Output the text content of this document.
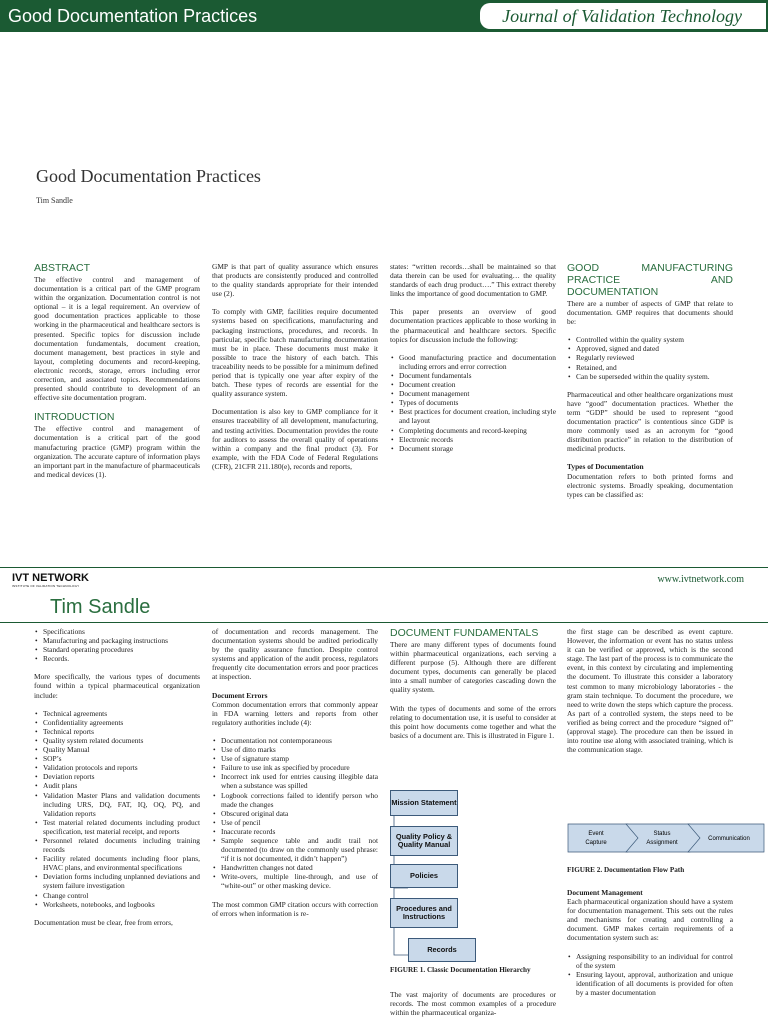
Good Documentation Practices	Journal of Validation Technology
Good Documentation Practices
Tim Sandle
ABSTRACT

The effective control and management of documentation is a critical part of the GMP program within the organization. Documentation control is not optional – it is a legal requirement. An overview of good documentation practices applicable to those working in the pharmaceutical and healthcare sectors is presented. Specific topics for discussion include documentation fundamentals, document creation, document management, best practices in style and layout, completing documents and record-keeping, electronic records, storage, errors including error correction, and associated topics. Recommendations presented should contribute to development of an effective site documentation program.

INTRODUCTION

The effective control and management of documentation is a critical part of the good manufacturing practice (GMP) program within the organization. The accurate capture of information plays an important part in the manufacture of pharmaceuticals and medical devices (1).

GMP is that part of quality assurance which ensures that products are consistently produced and controlled to the quality standards appropriate for their intended use (2).

To comply with GMP, facilities require documented systems based on specifications, manufacturing and packaging instructions, procedures, and records. In particular, specific batch manufacturing documentation must be in place. These documents must make it possible to trace the history of each batch. This traceability needs to be possible for a minimum defined period that is typically one year after expiry of the batch. These types of records are essential for the quality assurance system.

Documentation is also key to GMP compliance for it ensures traceability of all development, manufacturing, and testing activities. Documentation provides the route for auditors to assess the overall quality of operations within a company and the final product (3). For example, with the FDA Code of Federal Regulations (CFR), 21CFR 211.180(e), records and reports,

states: “written records…shall be maintained so that data therein can be used for evaluating… the quality standards of each drug product….” This extract thereby links the importance of good documentation to GMP.

This paper presents an overview of good documentation practices applicable to those working in the pharmaceutical and healthcare sectors. Specific topics for discussion include the following:

• Good manufacturing practice and documentation including errors and error correction
• Document fundamentals
• Document creation
• Document management
• Types of documents
• Best practices for document creation, including style and layout
• Completing documents and record-keeping
• Electronic records
• Document storage
GOOD MANUFACTURING PRACTICE AND DOCUMENTATION

There are a number of aspects of GMP that relate to documentation. GMP requires that documents should be:

• Controlled within the quality system
• Approved, signed and dated
• Regularly reviewed
• Retained, and
• Can be superseded within the quality system.

Pharmaceutical and other healthcare organizations must have “good” documentation practices. Whether the term “GDP” should be used to represent “good documentation practice” is contentious since GDP is more commonly used as an acronym for “good distribution practice” in relation to the distribution of medicinal products.

Types of Documentation

Documentation refers to both printed forms and electronic systems. Broadly speaking, documentation types can be classified as:

IVT NETWORK
INSTITUTE OF VALIDATION TECHNOLOGY
www.ivtnetwork.com
Tim Sandle
• Specifications
• Manufacturing and packaging instructions
• Standard operating procedures
• Records.

More specifically, the various types of documents found within a typical pharmaceutical organization include:

• Technical agreements
• Confidentiality agreements
• Technical reports
• Quality system related documents
• Quality Manual
• SOP’s
• Validation protocols and reports
• Deviation reports
• Audit plans
• Validation Master Plans and validation documents including URS, DQ, FAT, IQ, OQ, PQ, and Validation reports
• Test material related documents including product specification, test material receipt, and reports
• Personnel related documents including training records
• Facility related documents including floor plans, HVAC plans, and environmental specifications
• Deviation forms including unplanned deviations and system failure investigation
• Change control
• Worksheets, notebooks, and logbooks

Documentation must be clear, free from errors,

of documentation and records management. The documentation systems should be audited periodically by the quality assurance function. Despite control systems and application of the audit process, regulators frequently cite documentation errors and poor practices at inspection.

Document Errors

Common documentation errors that commonly appear in FDA warning letters and reports from other regulatory authorities include (4):

• Documentation not contemporaneous
• Use of ditto marks
• Use of signature stamp
• Failure to use ink as specified by procedure
• Incorrect ink used for entries causing illegible data when a substance was spilled
• Logbook corrections failed to identify person who made the changes
• Obscured original data
• Use of pencil
• Inaccurate records
• Sample sequence table and audit trail not documented (to draw on the commonly used phrase: “if it is not documented, it didn’t happen”)
• Handwritten changes not dated
• Write-overs, multiple line-through, and use of “white-out” or other masking device.

The most common GMP citation occurs with correction of errors when information is re-

DOCUMENT FUNDAMENTALS

There are many different types of documents found within pharmaceutical organizations, each serving a different purpose (5). Although there are different document types, documents can generally be placed into a small number of categories cascading down the quality system.

With the types of documents and some of the errors relating to documentation use, it is useful to consider at this point how documents come together and what the basics of a document are. This is illustrated in Figure 1.

Mission Statement
Quality Policy & Quality Manual
Policies
Procedures and Instructions
Records
FIGURE 1. Classic Documentation Hierarchy

The vast majority of documents are procedures or records. The most common examples of a procedure within the pharmaceutical organiza-

the first stage can be described as event capture. However, the information or event has no status unless it can be verified or approved, which is the second stage. The last part of the process is to communicate the event, in this context by circulating and implementing the document. To illustrate this consider a laboratory test common to many microbiology laboratories - the gram stain technique. To document the procedure, we need to write down the steps which capture the process. As part of a controlled system, the steps need to be verified as being correct and the procedure “signed of” (approval stage). The procedure can then be issued in into routine use along with associated training, which is the communication stage.

Event
Capture
Status
Assignment
Communication
FIGURE 2. Documentation Flow Path
Document Management

Each pharmaceutical organization should have a system for documentation management. This sets out the rules and mechanisms for creating and controlling a document. GMP makes certain requirements of a documentation system such as:

• Assigning responsibility to an individual for control of the system
• Ensuring layout, approval, authorization and unique identification of all documents is provided for often by a master documentation
